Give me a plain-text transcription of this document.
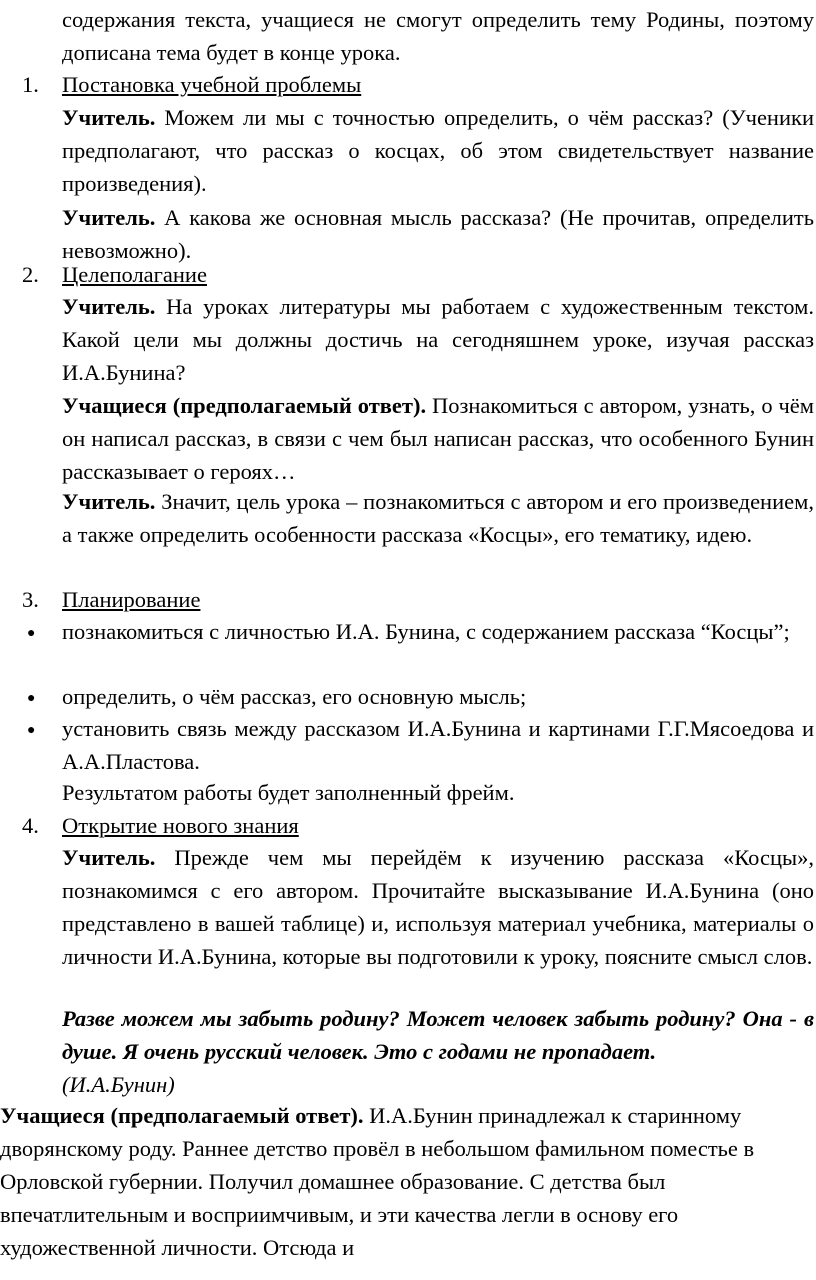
содержания текста, учащиеся не смогут определить тему Родины, поэтому дописана тема будет в конце урока.

1. Постановка учебной проблемы

Учитель. Можем ли мы с точностью определить, о чём рассказ? (Ученики предполагают, что рассказ о косцах, об этом свидетельствует название произведения).

Учитель. А какова же основная мысль рассказа? (Не прочитав, определить невозможно).

2. Целеполагание

Учитель. На уроках литературы мы работаем с художественным текстом. Какой цели мы должны достичь на сегодняшнем уроке, изучая рассказ И.А.Бунина?

Учащиеся (предполагаемый ответ). Познакомиться с автором, узнать, о чём он написал рассказ, в связи с чем был написан рассказ, что особенного Бунин рассказывает о героях…

Учитель. Значит, цель урока – познакомиться с автором и его произведением, а также определить особенности рассказа «Косцы», его тематику, идею.

3. Планирование

● познакомиться с личностью И.А. Бунина, с содержанием рассказа “Косцы”;

● определить, о чём рассказ, его основную мысль;

● установить связь между рассказом И.А.Бунина и картинами Г.Г.Мясоедова и А.А.Пластова.

Результатом работы будет заполненный фрейм.

4. Открытие нового знания

Учитель. Прежде чем мы перейдём к изучению рассказа «Косцы», познакомимся с его автором. Прочитайте высказывание И.А.Бунина (оно представлено в вашей таблице) и, используя материал учебника, материалы о личности И.А.Бунина, которые вы подготовили к уроку, поясните смысл слов.

Разве можем мы забыть родину? Может человек забыть родину? Она - в душе. Я очень русский человек. Это с годами не пропадает.

(И.А.Бунин)

Учащиеся (предполагаемый ответ). И.А.Бунин принадлежал к старинному дворянскому роду. Раннее детство провёл в небольшом фамильном поместье в Орловской губернии. Получил домашнее образование. С детства был впечатлительным и восприимчивым, и эти качества легли в основу его художественной личности. Отсюда и
